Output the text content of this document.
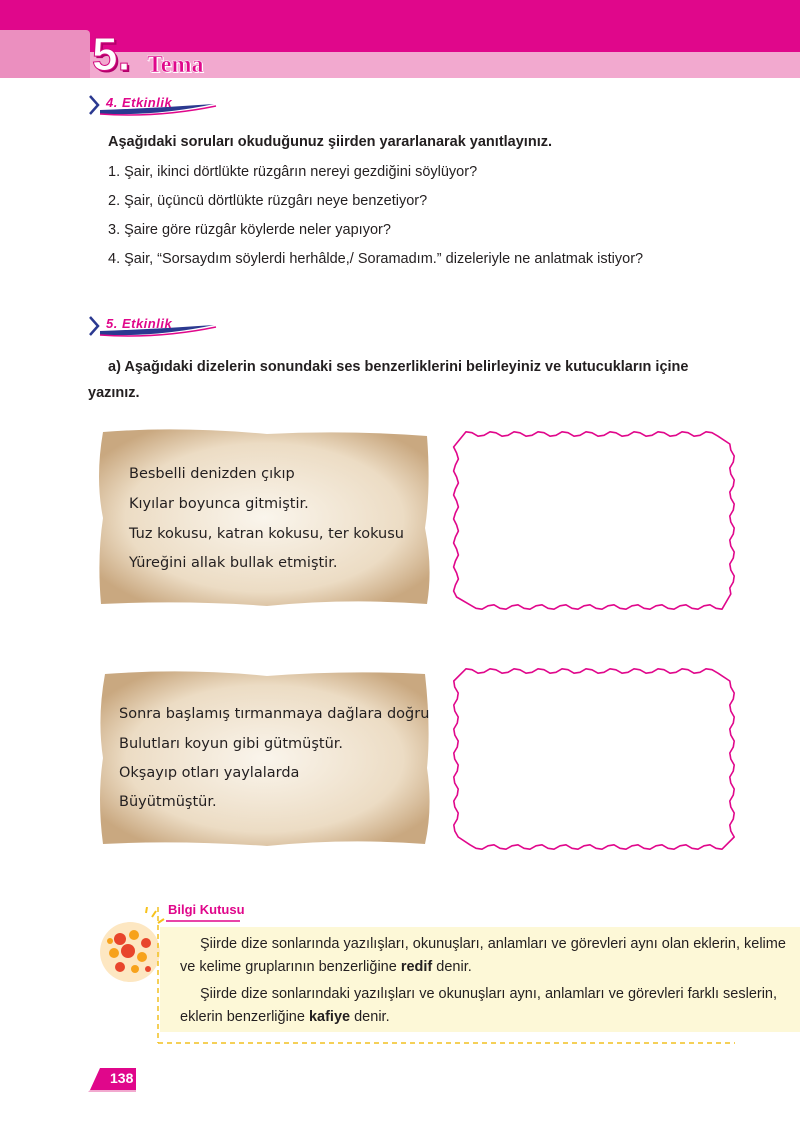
5. Tema
4. Etkinlik
Aşağıdaki soruları okuduğunuz şiirden yararlanarak yanıtlayınız.
1. Şair, ikinci dörtlükte rüzgârın nereyi gezdiğini söylüyor?
2. Şair, üçüncü dörtlükte rüzgârı neye benzetiyor?
3. Şaire göre rüzgâr köylerde neler yapıyor?
4. Şair, “Sorsaydım söylerdi herhâlde,/ Soramadım.” dizeleriyle ne anlatmak istiyor?
5. Etkinlik
a) Aşağıdaki dizelerin sonundaki ses benzerliklerini belirleyiniz ve kutucukların içine
yazınız.
Besbelli denizden çıkıp
Kıyılar boyunca gitmiştir.
Tuz kokusu, katran kokusu, ter kokusu
Yüreğini allak bullak etmiştir.
Sonra başlamış tırmanmaya dağlara doğru
Bulutları koyun gibi gütmüştür.
Okşayıp otları yaylalarda
Büyütmüştür.
Bilgi Kutusu
Şiirde dize sonlarında yazılışları, okunuşları, anlamları ve görevleri aynı olan eklerin, kelime ve kelime gruplarının benzerliğine redif denir.
Şiirde dize sonlarındaki yazılışları ve okunuşları aynı, anlamları ve görevleri farklı seslerin, eklerin benzerliğine kafiye denir.
138
